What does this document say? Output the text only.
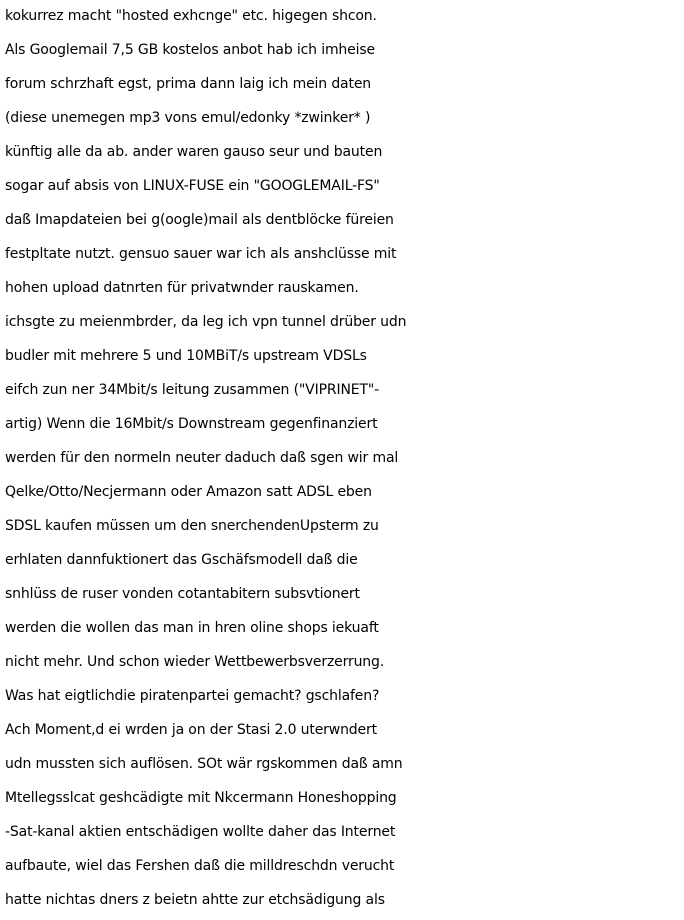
kokurrez macht "hosted exhcnge" etc. higegen shcon.
Als Googlemail 7,5 GB kostelos anbot hab ich imheise
forum schrzhaft egst, prima dann laig ich mein daten
(diese unemegen mp3 vons emul/edonky *zwinker* )
künftig alle da ab. ander waren gauso seur und bauten
sogar auf absis von LINUX-FUSE ein "GOOGLEMAIL-FS"
daß Imapdateien bei g(oogle)mail als dentblöcke füreien
festpltate nutzt. gensuo sauer war ich als anshclüsse mit
hohen upload datnrten für privatwnder rauskamen.
ichsgte zu meienmbrder, da leg ich vpn tunnel drüber udn
budler mit mehrere 5 und 10MBiT/s upstream VDSLs
eifch zun ner 34Mbit/s leitung zusammen ("VIPRINET"-
artig) Wenn die 16Mbit/s Downstream gegenfinanziert
werden für den normeln neuter daduch daß sgen wir mal
Qelke/Otto/Necjermann oder Amazon satt ADSL eben
SDSL kaufen müssen um den snerchendenUpsterm zu
erhlaten dannfuktionert das Gschäfsmodell daß die
snhlüss de ruser vonden cotantabitern subsvtionert
werden die wollen das man in hren oline shops iekuaft
nicht mehr. Und schon wieder Wettbewerbsverzerrung.
Was hat eigtlichdie piratenpartei gemacht? gschlafen?
Ach Moment,d ei wrden ja on der Stasi 2.0 uterwndert
udn mussten sich auflösen. SOt wär rgskommen daß amn
Mtellegsslcat geshcädigte mit Nkcermann Honeshopping
-Sat-kanal aktien entschädigen wollte daher das Internet
aufbaute, wiel das Fershen daß die milldreschdn verucht
hatte nichtas dners z beietn ahtte zur etchsädigung als
